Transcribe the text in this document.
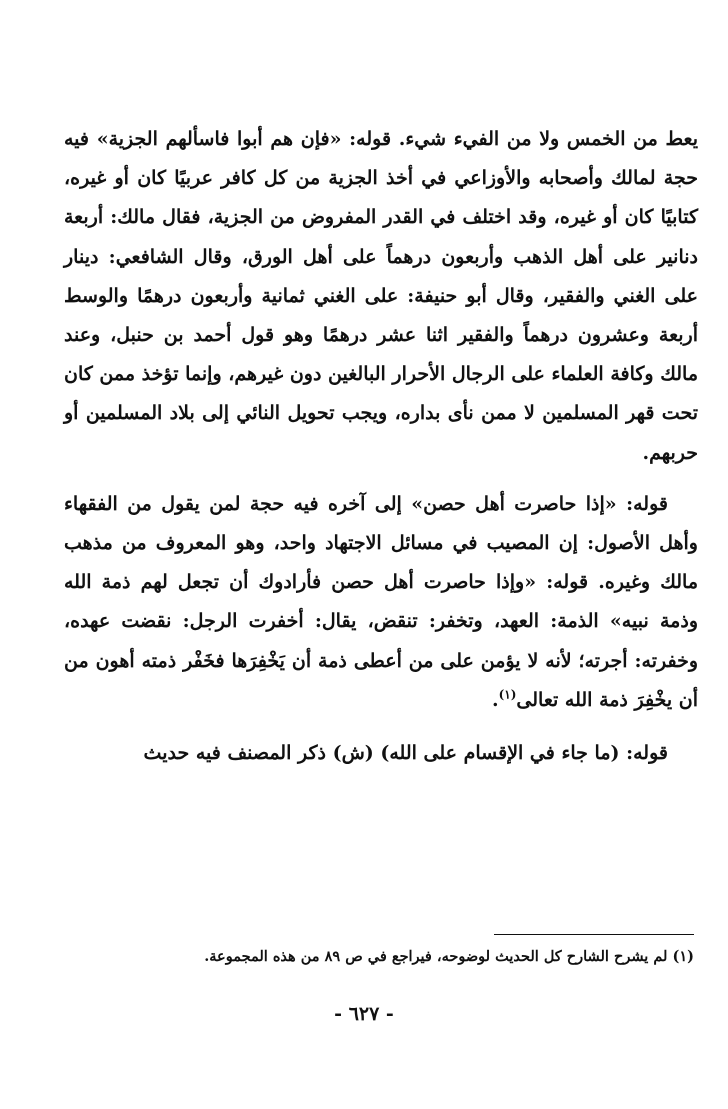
يعط من الخمس ولا من الفيء شيء. قوله: «فإن هم أبوا فاسألهم الجزية» فيه حجة لمالك وأصحابه والأوزاعي في أخذ الجزية من كل كافر عربيًا كان أو غيره، كتابيًا كان أو غيره، وقد اختلف في القدر المفروض من الجزية، فقال مالك: أربعة دنانير على أهل الذهب وأربعون درهماً على أهل الورق، وقال الشافعي: دينار على الغني والفقير، وقال أبو حنيفة: على الغني ثمانية وأربعون درهمًا والوسط أربعة وعشرون درهماً والفقير اثنا عشر درهمًا وهو قول أحمد بن حنبل، وعند مالك وكافة العلماء على الرجال الأحرار البالغين دون غيرهم، وإنما تؤخذ ممن كان تحت قهر المسلمين لا ممن نأى بداره، ويجب تحويل النائي إلى بلاد المسلمين أو حربهم.

قوله: «إذا حاصرت أهل حصن» إلى آخره فيه حجة لمن يقول من الفقهاء وأهل الأصول: إن المصيب في مسائل الاجتهاد واحد، وهو المعروف من مذهب مالك وغيره. قوله: «وإذا حاصرت أهل حصن فأرادوك أن تجعل لهم ذمة الله وذمة نبيه» الذمة: العهد، وتخفر: تنقض، يقال: أخفرت الرجل: نقضت عهده، وخفرته: أجرته؛ لأنه لا يؤمن على من أعطى ذمة أن يَخْفِرَها فخَفْر ذمته أهون من أن يخْفِرَ ذمة الله تعالى$^{(١)}$.

قوله: (ما جاء في الإقسام على الله) (ش) ذكر المصنف فيه حديث

(١) لم يشرح الشارح كل الحديث لوضوحه، فيراجع في ص ٨٩ من هذه المجموعة.
- ٦٢٧ -
